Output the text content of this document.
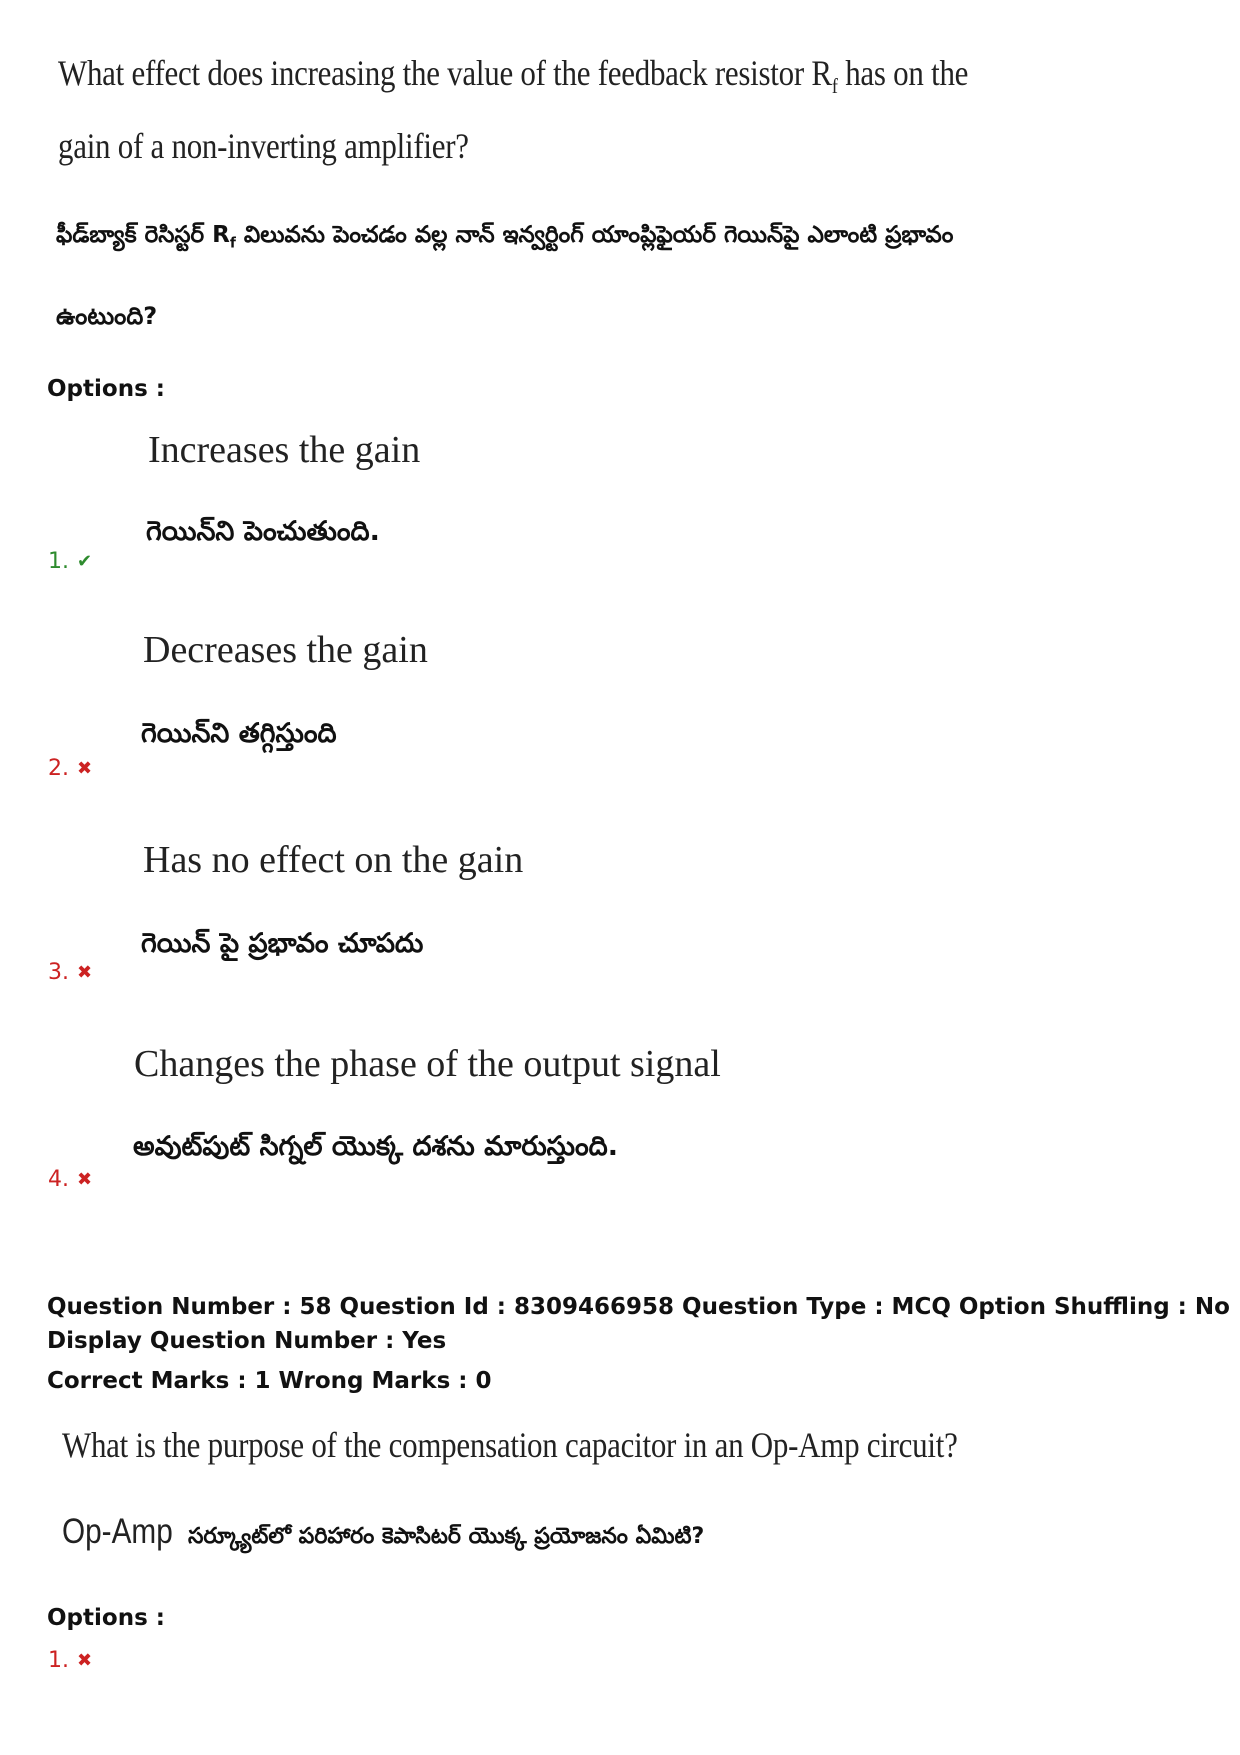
What effect does increasing the value of the feedback resistor $R_f$ has on the
gain of a non-inverting amplifier?
ఫీడ్‌బ్యాక్ రెసిస్టర్ $R_f$ విలువను పెంచడం వల్ల నాన్ ఇన్వర్టింగ్ యాంప్లిఫైయర్ గెయిన్‌పై ఎలాంటి ప్రభావం
ఉంటుంది?
Options :
Increases the gain
గెయిన్‌ని పెంచుతుంది.
1. ✔
Decreases the gain
గెయిన్‌ని తగ్గిస్తుంది
2. ✖
Has no effect on the gain
గెయిన్ పై ప్రభావం చూపదు
3. ✖
Changes the phase of the output signal
అవుట్‌పుట్ సిగ్నల్ యొక్క దశను మారుస్తుంది.
4. ✖
Question Number : 58 Question Id : 8309466958 Question Type : MCQ Option Shuffling : No
Display Question Number : Yes
Correct Marks : 1 Wrong Marks : 0
What is the purpose of the compensation capacitor in an Op-Amp circuit?
Op-Amp సర్క్యూట్‌లో పరిహారం కెపాసిటర్ యొక్క ప్రయోజనం ఏమిటి?
Options :
1. ✖
